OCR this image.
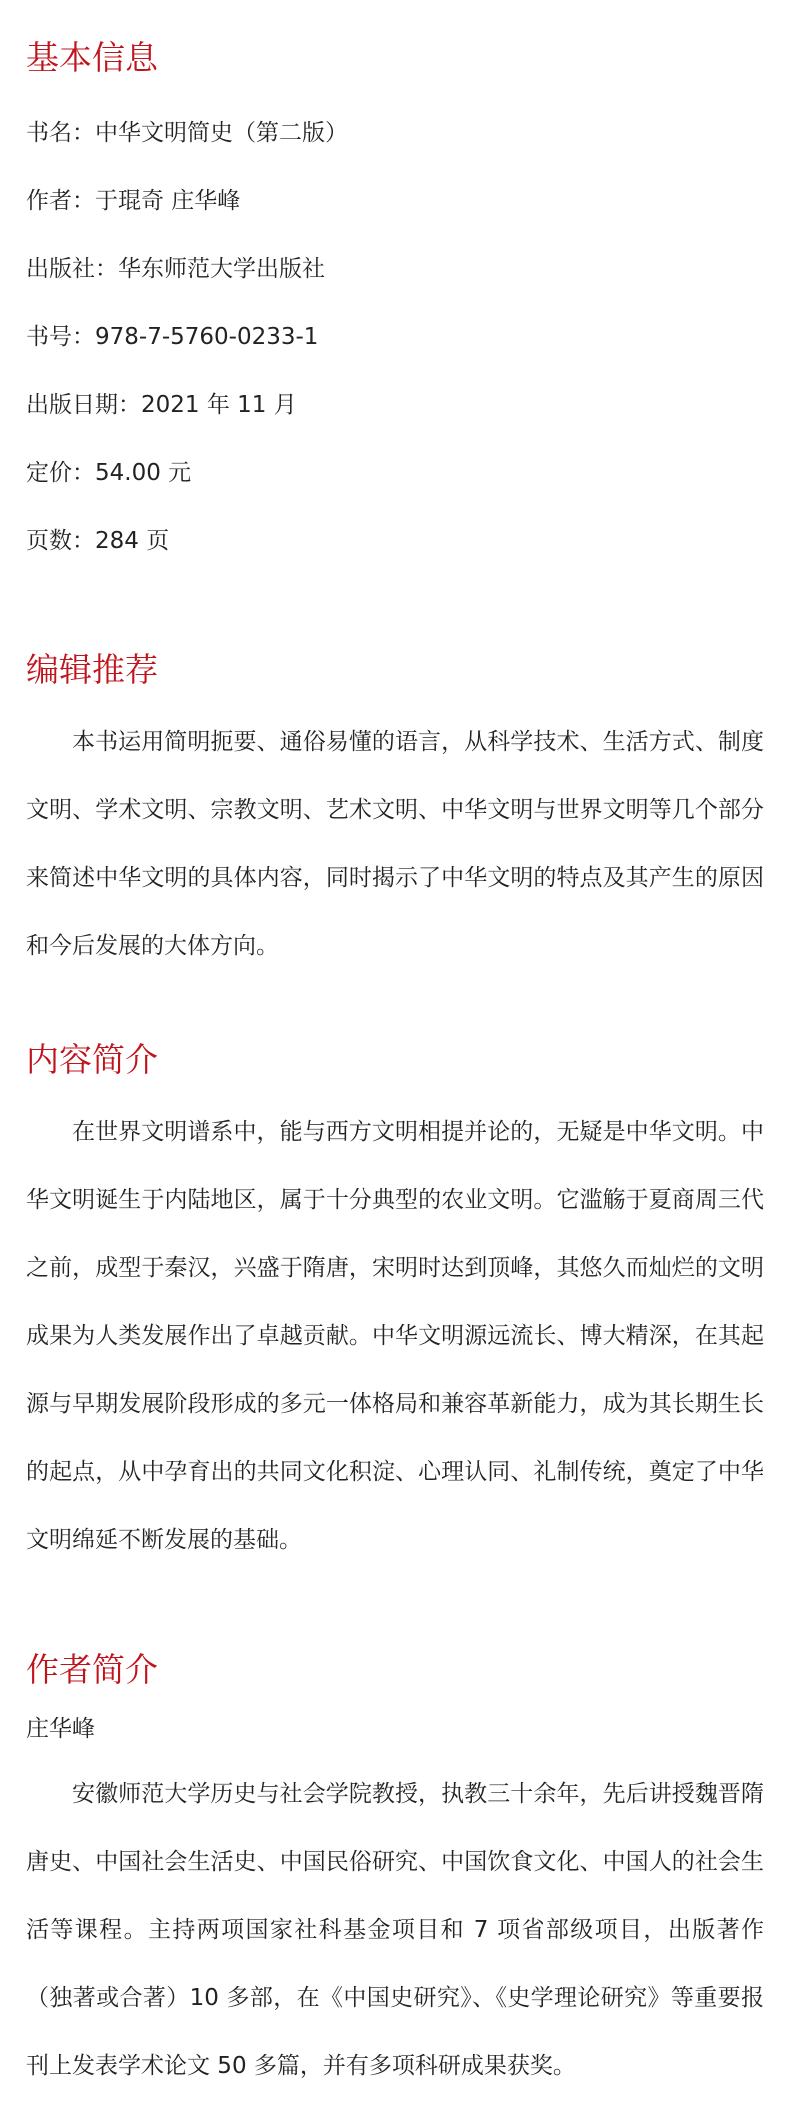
基本信息

书名：中华文明简史（第二版）

作者：于琨奇 庄华峰

出版社：华东师范大学出版社

书号：978-7-5760-0233-1

出版日期：2021 年 11 月

定价：54.00 元

页数：284 页

编辑推荐

本书运用简明扼要、通俗易懂的语言，从科学技术、生活方式、制度文明、学术文明、宗教文明、艺术文明、中华文明与世界文明等几个部分来简述中华文明的具体内容，同时揭示了中华文明的特点及其产生的原因和今后发展的大体方向。

内容简介

在世界文明谱系中，能与西方文明相提并论的，无疑是中华文明。中华文明诞生于内陆地区，属于十分典型的农业文明。它滥觞于夏商周三代之前，成型于秦汉，兴盛于隋唐，宋明时达到顶峰，其悠久而灿烂的文明成果为人类发展作出了卓越贡献。中华文明源远流长、博大精深，在其起源与早期发展阶段形成的多元一体格局和兼容革新能力，成为其长期生长的起点，从中孕育出的共同文化积淀、心理认同、礼制传统，奠定了中华文明绵延不断发展的基础。

作者简介

庄华峰

安徽师范大学历史与社会学院教授，执教三十余年，先后讲授魏晋隋唐史、中国社会生活史、中国民俗研究、中国饮食文化、中国人的社会生活等课程。主持两项国家社科基金项目和 7 项省部级项目，出版著作（独著或合著）10 多部，在《中国史研究》、《史学理论研究》等重要报刊上发表学术论文 50 多篇，并有多项科研成果获奖。
